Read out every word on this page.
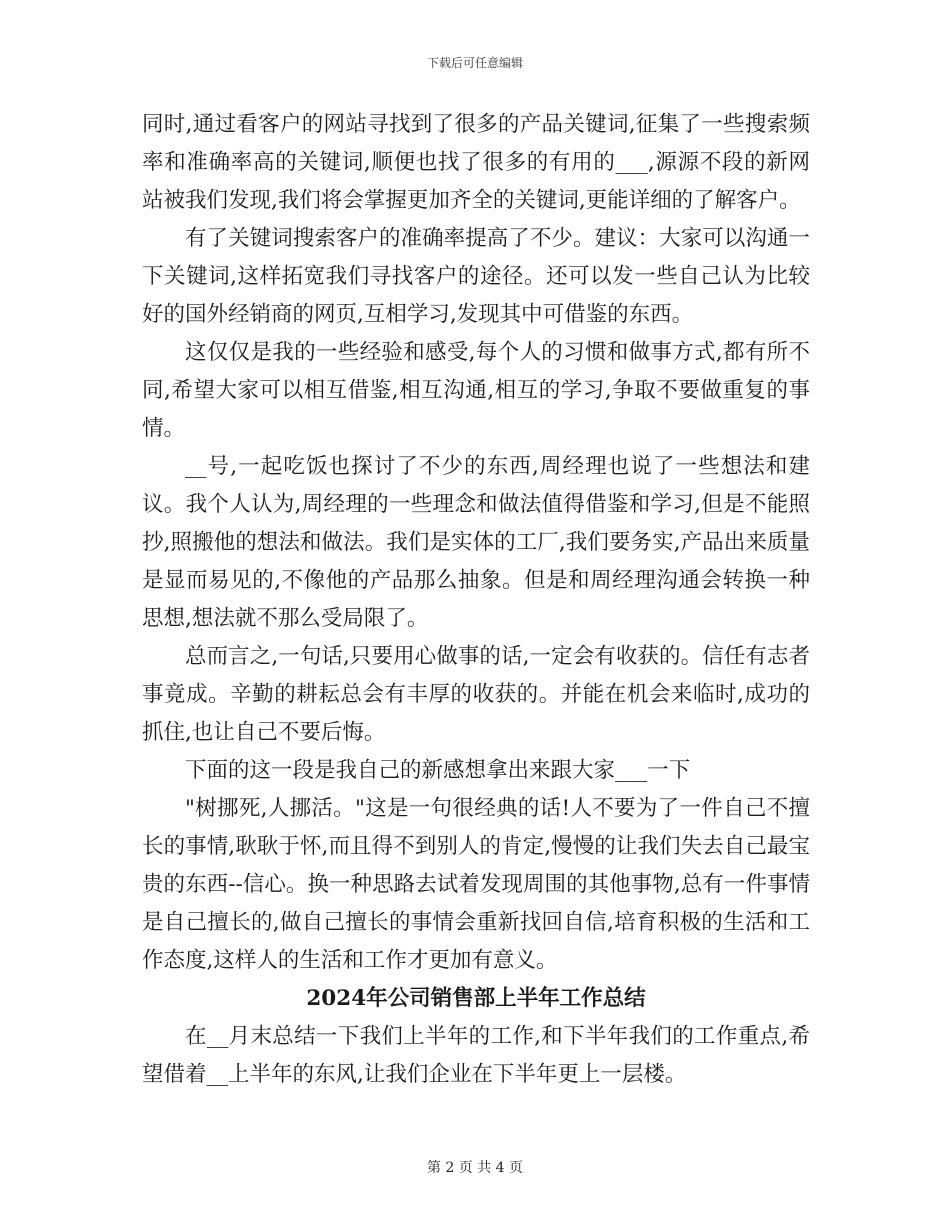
下载后可任意编辑

同时,通过看客户的网站寻找到了很多的产品关键词,征集了一些搜索频率和准确率高的关键词,顺便也找了很多的有用的___,源源不段的新网站被我们发现,我们将会掌握更加齐全的关键词,更能详细的了解客户。

有了关键词搜索客户的准确率提高了不少。建议：大家可以沟通一下关键词,这样拓宽我们寻找客户的途径。还可以发一些自己认为比较好的国外经销商的网页,互相学习,发现其中可借鉴的东西。

这仅仅是我的一些经验和感受,每个人的习惯和做事方式,都有所不同,希望大家可以相互借鉴,相互沟通,相互的学习,争取不要做重复的事情。

__号,一起吃饭也探讨了不少的东西,周经理也说了一些想法和建议。我个人认为,周经理的一些理念和做法值得借鉴和学习,但是不能照抄,照搬他的想法和做法。我们是实体的工厂,我们要务实,产品出来质量是显而易见的,不像他的产品那么抽象。但是和周经理沟通会转换一种思想,想法就不那么受局限了。

总而言之,一句话,只要用心做事的话,一定会有收获的。信任有志者事竟成。辛勤的耕耘总会有丰厚的收获的。并能在机会来临时,成功的抓住,也让自己不要后悔。

下面的这一段是我自己的新感想拿出来跟大家___一下

"树挪死,人挪活。"这是一句很经典的话!人不要为了一件自己不擅长的事情,耿耿于怀,而且得不到别人的肯定,慢慢的让我们失去自己最宝贵的东西--信心。换一种思路去试着发现周围的其他事物,总有一件事情是自己擅长的,做自己擅长的事情会重新找回自信,培育积极的生活和工作态度,这样人的生活和工作才更加有意义。

2024年公司销售部上半年工作总结

在__月末总结一下我们上半年的工作,和下半年我们的工作重点,希望借着__上半年的东风,让我们企业在下半年更上一层楼。

第 2 页 共 4 页
